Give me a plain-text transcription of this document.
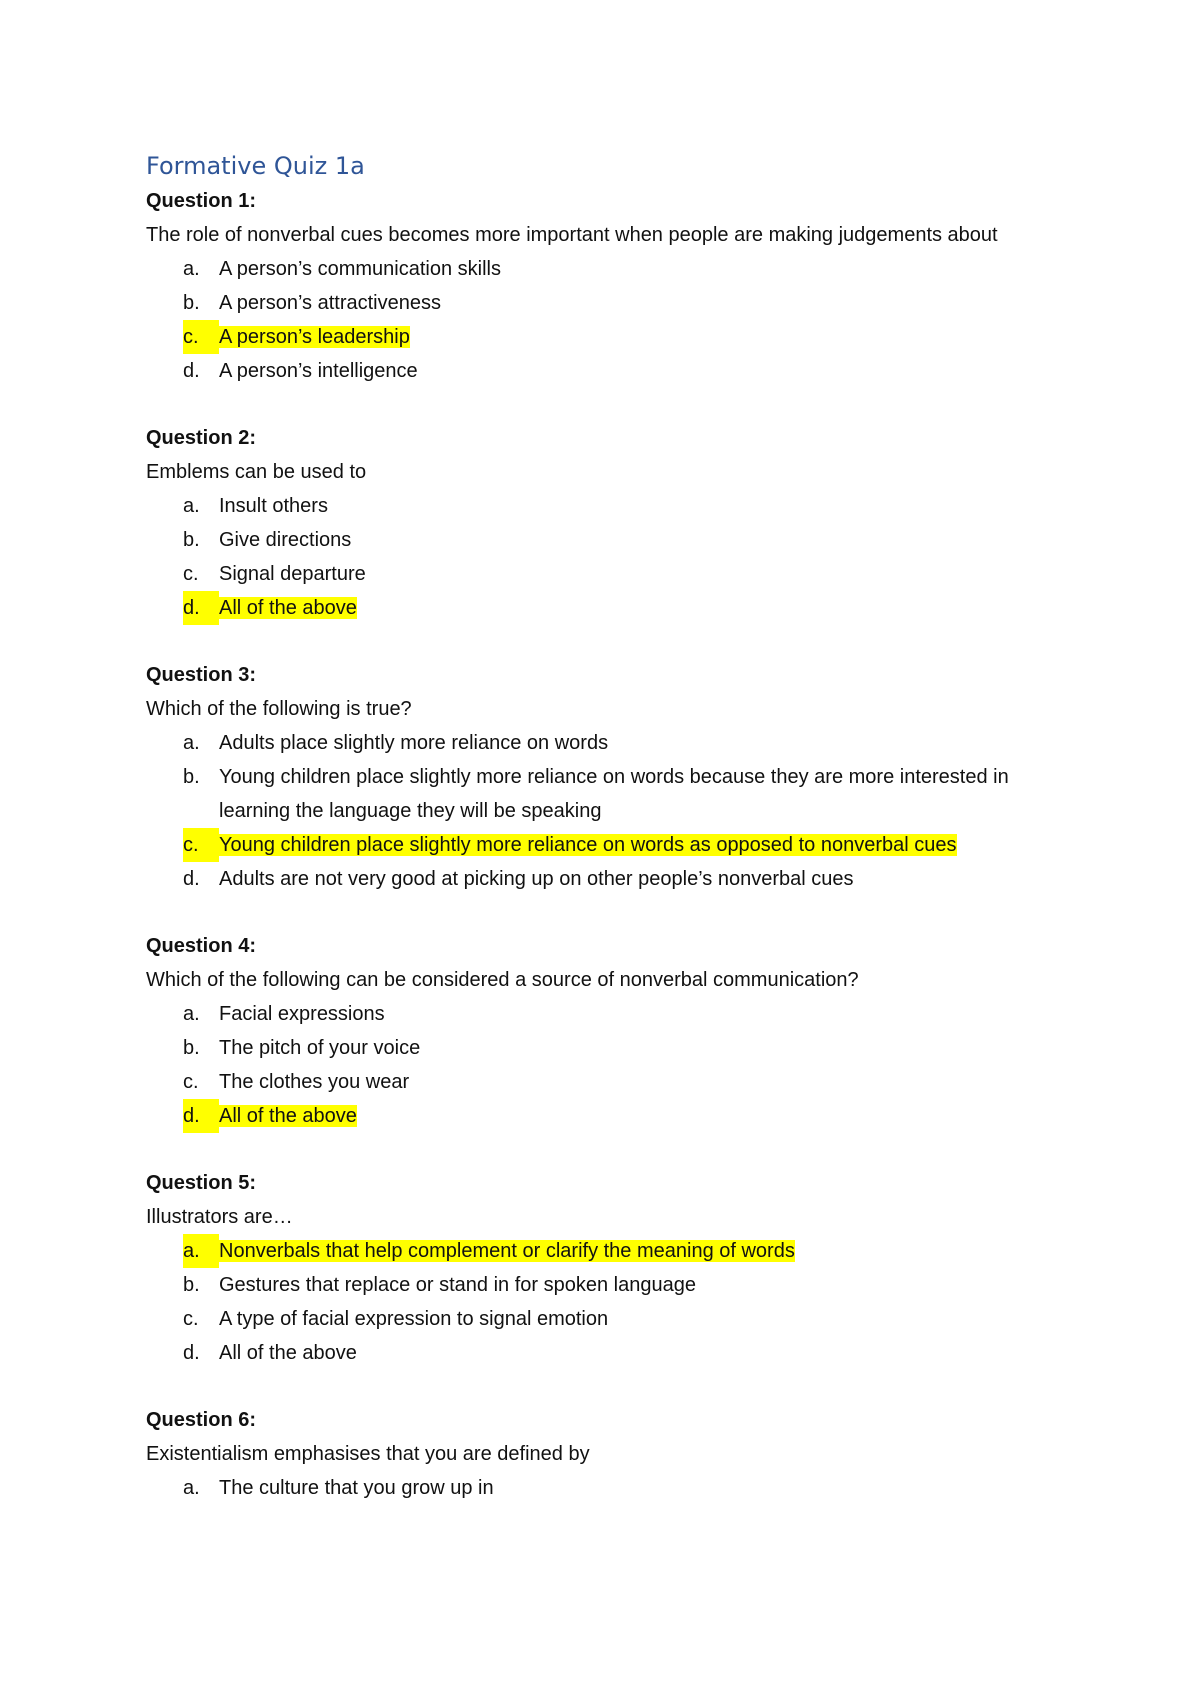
Formative Quiz 1a

Question 1:

The role of nonverbal cues becomes more important when people are making judgements about

a. A person’s communication skills
b. A person’s attractiveness
c.	A person’s leadership
d. A person’s intelligence

Question 2:

Emblems can be used to

a. Insult others
b. Give directions
c.	Signal departure
d. All of the above

Question 3:

Which of the following is true?

a. Adults place slightly more reliance on words
b. Young children place slightly more reliance on words because they are more interested in learning the language they will be speaking
c.	Young children place slightly more reliance on words as opposed to nonverbal cues
d. Adults are not very good at picking up on other people’s nonverbal cues

Question 4:

Which of the following can be considered a source of nonverbal communication?

a. Facial expressions
b. The pitch of your voice
c.	The clothes you wear
d. All of the above

Question 5:

Illustrators are…

a. Nonverbals that help complement or clarify the meaning of words
b. Gestures that replace or stand in for spoken language
c.	A type of facial expression to signal emotion
d. All of the above

Question 6:

Existentialism emphasises that you are defined by

a. The culture that you grow up in
